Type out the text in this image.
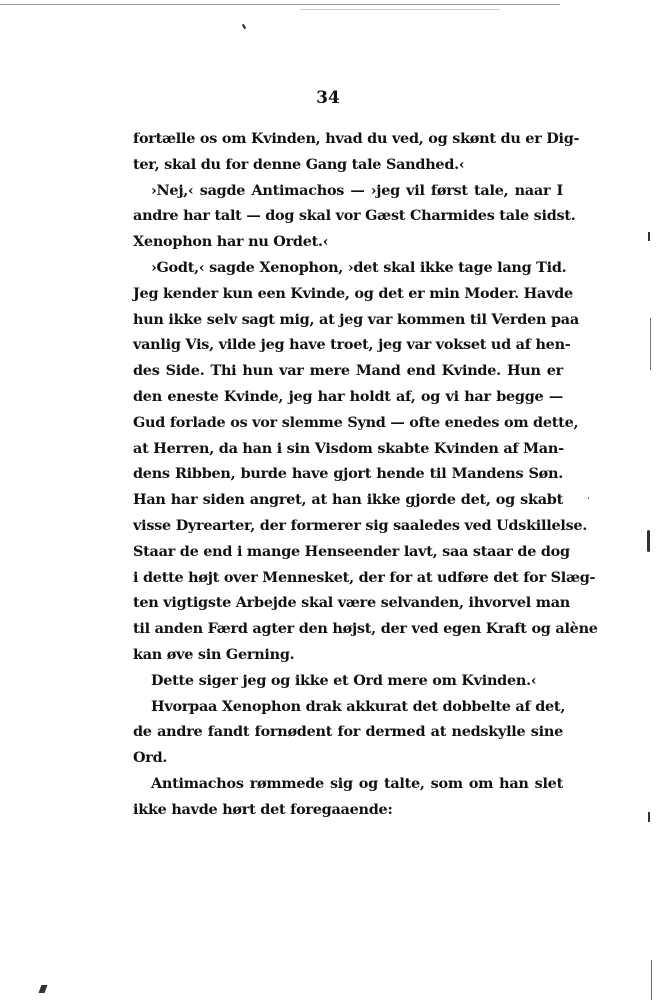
34
fortælle os om Kvinden, hvad du ved, og skønt du er Dig-
ter, skal du for denne Gang tale Sandhed.‹
›Nej,‹ sagde Antimachos — ›jeg vil først tale, naar I
andre har talt — dog skal vor Gæst Charmides tale sidst.
Xenophon har nu Ordet.‹
›Godt,‹ sagde Xenophon, ›det skal ikke tage lang Tid.
Jeg kender kun een Kvinde, og det er min Moder. Havde
hun ikke selv sagt mig, at jeg var kommen til Verden paa
vanlig Vis, vilde jeg have troet, jeg var vokset ud af hen-
des Side. Thi hun var mere Mand end Kvinde. Hun er
den eneste Kvinde, jeg har holdt af, og vi har begge —
Gud forlade os vor slemme Synd — ofte enedes om dette,
at Herren, da han i sin Visdom skabte Kvinden af Man-
dens Ribben, burde have gjort hende til Mandens Søn.
Han har siden angret, at han ikke gjorde det, og skabt
visse Dyrearter, der formerer sig saaledes ved Udskillelse.
Staar de end i mange Henseender lavt, saa staar de dog
i dette højt over Mennesket, der for at udføre det for Slæg-
ten vigtigste Arbejde skal være selvanden, ihvorvel man
til anden Færd agter den højst, der ved egen Kraft og alène
kan øve sin Gerning.
Dette siger jeg og ikke et Ord mere om Kvinden.‹
Hvorpaa Xenophon drak akkurat det dobbelte af det,
de andre fandt fornødent for dermed at nedskylle sine
Ord.
Antimachos rømmede sig og talte, som om han slet
ikke havde hørt det foregaaende:
